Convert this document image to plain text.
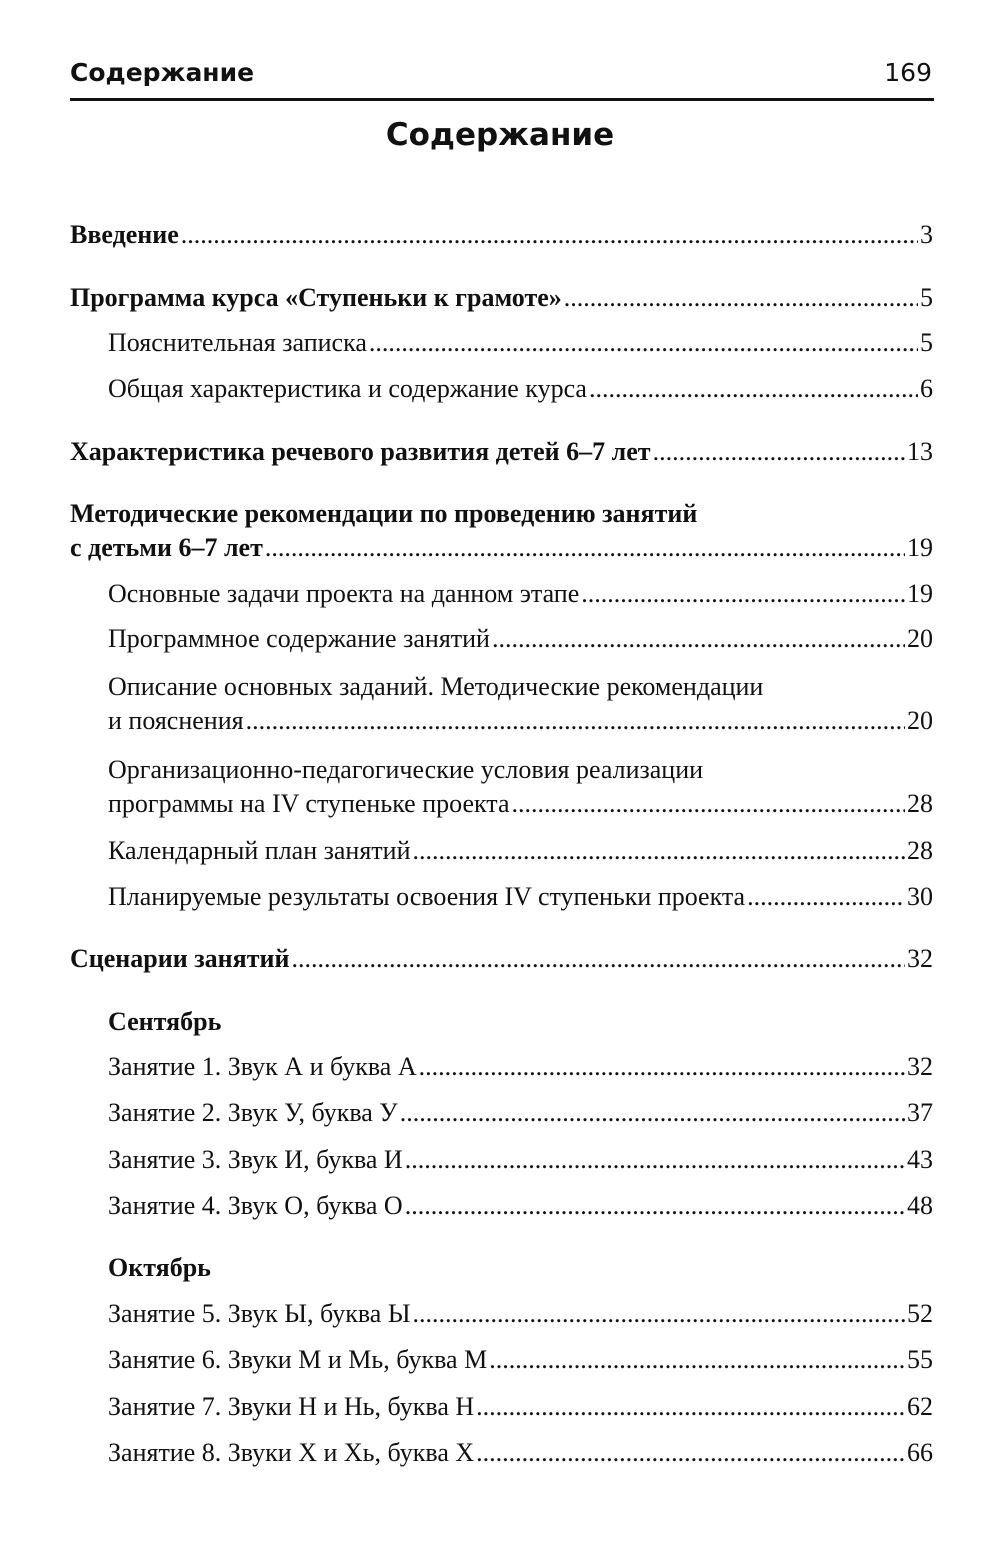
Содержание	169
Содержание
Введение .....	3
Программа курса «Ступеньки к грамоте» .....	5
Пояснительная записка .....	5
Общая характеристика и содержание курса .....	6
Характеристика речевого развития детей 6–7 лет .....	13
Методические рекомендации по проведению занятий
с детьми 6–7 лет .....	19
Основные задачи проекта на данном этапе .....	19
Программное содержание занятий .....	20
Описание основных заданий. Методические рекомендации
и пояснения .....	20
Организационно-педагогические условия реализации
программы на IV ступеньке проекта .....	28
Календарный план занятий .....	28
Планируемые результаты освоения IV ступеньки проекта .....	30
Сценарии занятий .....	32
Сентябрь
Занятие 1. Звук А и буква А .....	32
Занятие 2. Звук У, буква У .....	37
Занятие 3. Звук И, буква И .....	43
Занятие 4. Звук О, буква О .....	48
Октябрь
Занятие 5. Звук Ы, буква Ы .....	52
Занятие 6. Звуки М и Мь, буква М .....	55
Занятие 7. Звуки Н и Нь, буква Н .....	62
Занятие 8. Звуки Х и Хь, буква Х .....	66
